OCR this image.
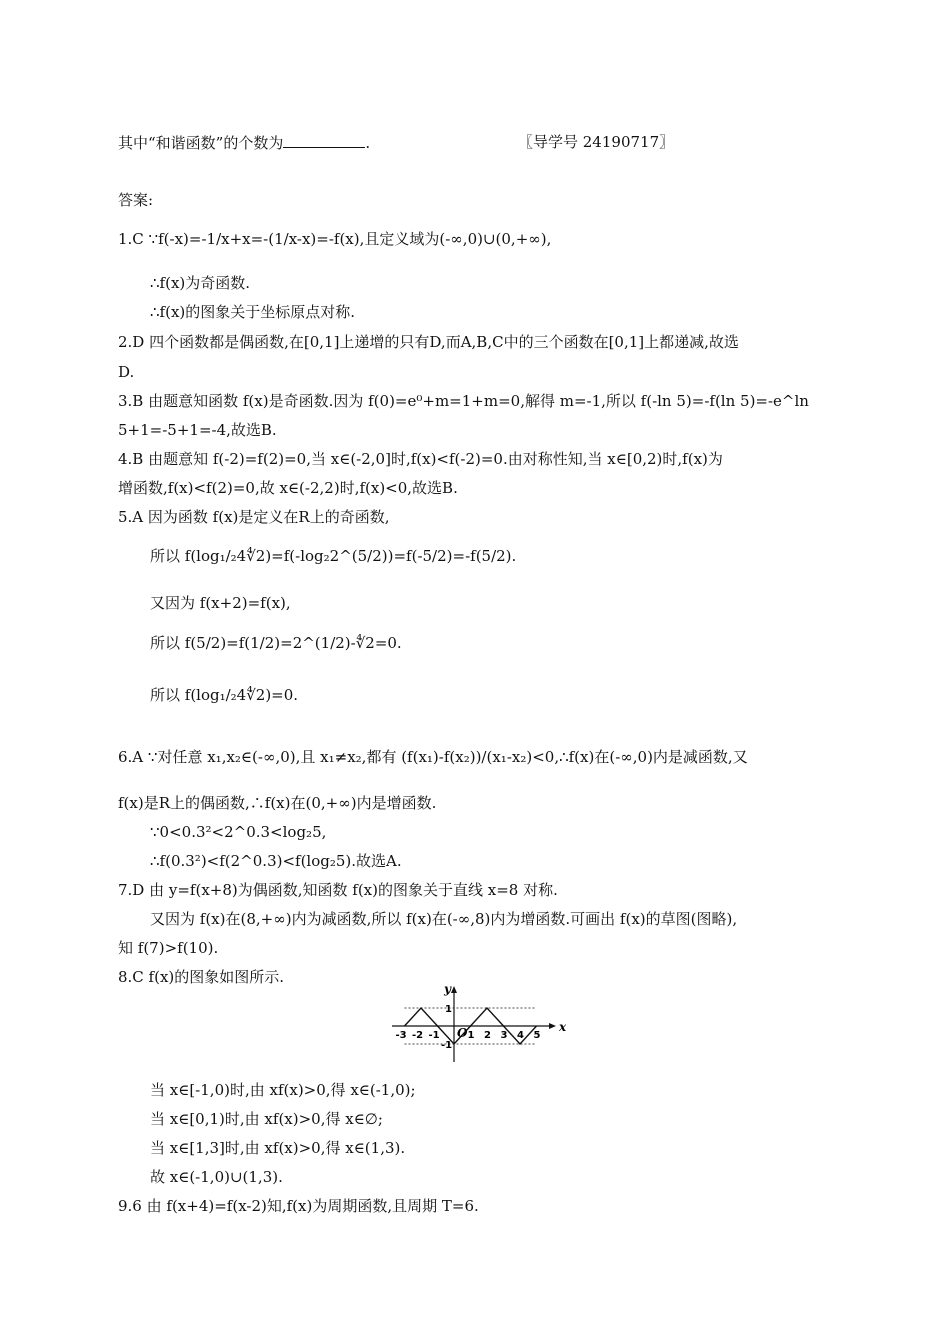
其中“和谐函数”的个数为	.	〖导学号 24190717〗
答案:
1.C ∵f(-x)=-1/x+x=-(1/x-x)=-f(x),且定义域为(-∞,0)∪(0,+∞),
∴f(x)为奇函数.
∴f(x)的图象关于坐标原点对称.
2.D 四个函数都是偶函数,在[0,1]上递增的只有D,而A,B,C中的三个函数在[0,1]上都递减,故选
D.
3.B 由题意知函数 f(x)是奇函数.因为 f(0)=e⁰+m=1+m=0,解得 m=-1,所以 f(-ln 5)=-f(ln 5)=-e^ln
5+1=-5+1=-4,故选B.
4.B 由题意知 f(-2)=f(2)=0,当 x∈(-2,0]时,f(x)<f(-2)=0.由对称性知,当 x∈[0,2)时,f(x)为
增函数,f(x)<f(2)=0,故 x∈(-2,2)时,f(x)<0,故选B.
5.A 因为函数 f(x)是定义在R上的奇函数,
所以 f(log₁/₂4∜2)=f(-log₂2^(5/2))=f(-5/2)=-f(5/2).
又因为 f(x+2)=f(x),
所以 f(5/2)=f(1/2)=2^(1/2)-∜2=0.
所以 f(log₁/₂4∜2)=0.
6.A ∵对任意 x₁,x₂∈(-∞,0),且 x₁≠x₂,都有 (f(x₁)-f(x₂))/(x₁-x₂)<0,∴f(x)在(-∞,0)内是减函数,又
f(x)是R上的偶函数,∴f(x)在(0,+∞)内是增函数.
∵0<0.3²<2^0.3<log₂5,
∴f(0.3²)<f(2^0.3)<f(log₂5).故选A.
7.D 由 y=f(x+8)为偶函数,知函数 f(x)的图象关于直线 x=8 对称.
又因为 f(x)在(8,+∞)内为减函数,所以 f(x)在(-∞,8)内为增函数.可画出 f(x)的草图(图略),
知 f(7)>f(10).
8.C f(x)的图象如图所示.
x
y
O
-3 -2 -1	1 2 3 4 5
1
-1
当 x∈[-1,0)时,由 xf(x)>0,得 x∈(-1,0);
当 x∈[0,1)时,由 xf(x)>0,得 x∈∅;
当 x∈[1,3]时,由 xf(x)>0,得 x∈(1,3).
故 x∈(-1,0)∪(1,3).
9.6 由 f(x+4)=f(x-2)知,f(x)为周期函数,且周期 T=6.
